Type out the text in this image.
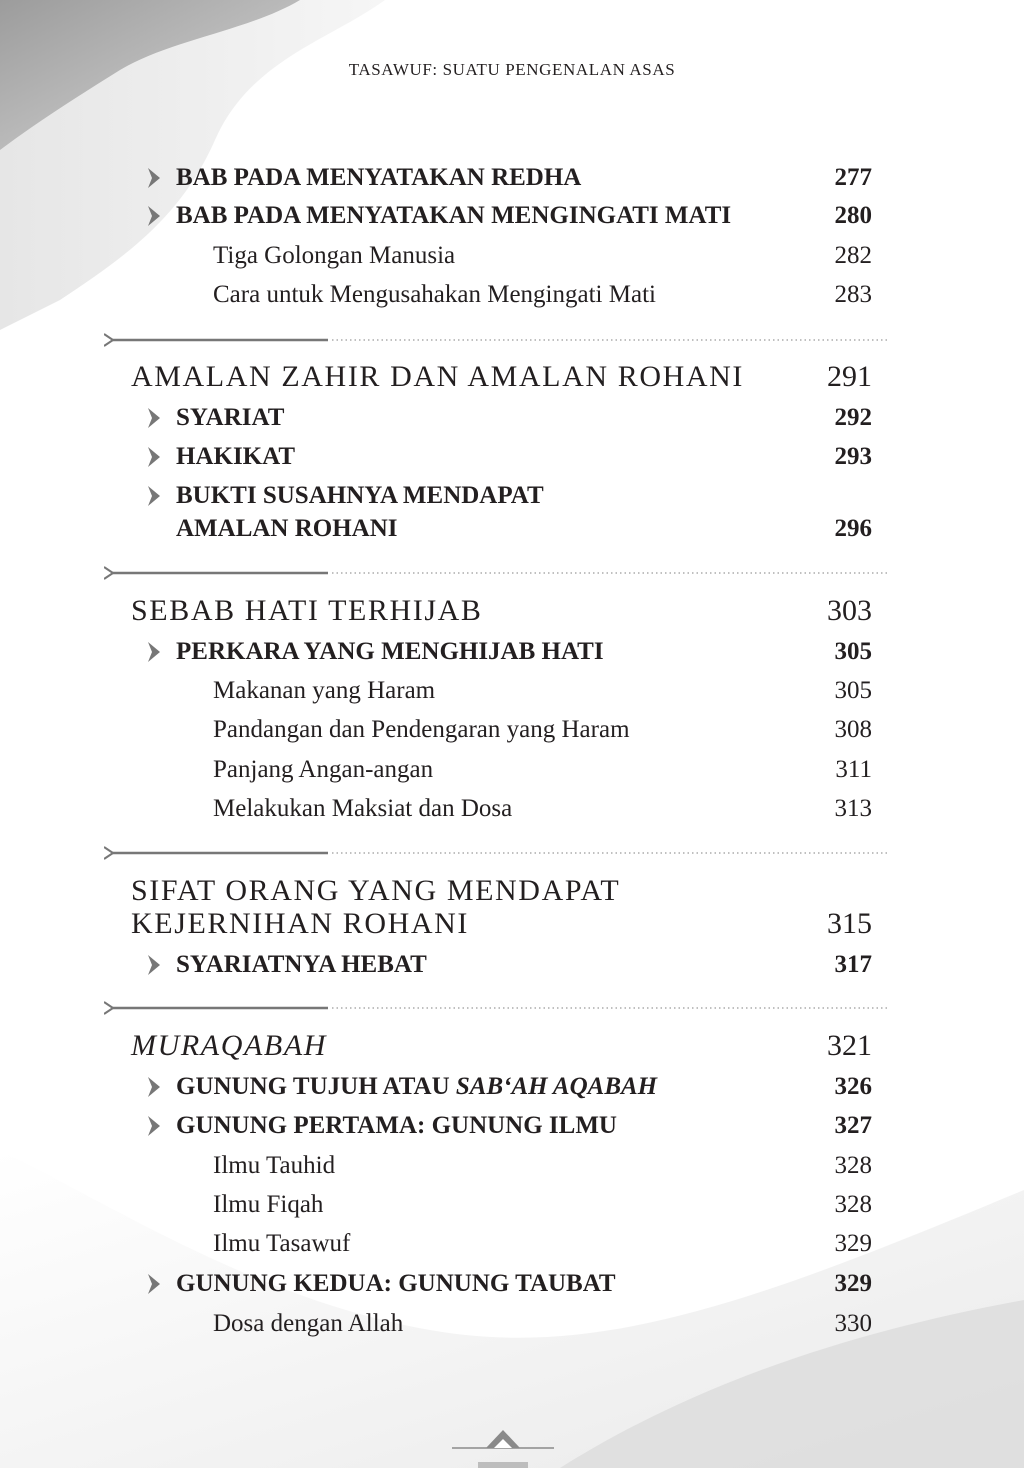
TASAWUF: SUATU PENGENALAN ASAS
BAB PADA MENYATAKAN REDHA	277
BAB PADA MENYATAKAN MENGINGATI MATI	280
Tiga Golongan Manusia	282
Cara untuk Mengusahakan Mengingati Mati	283
AMALAN ZAHIR DAN AMALAN ROHANI	291
SYARIAT	292
HAKIKAT	293
BUKTI SUSAHNYA MENDAPAT
AMALAN ROHANI	296
SEBAB HATI TERHIJAB	303
PERKARA YANG MENGHIJAB HATI	305
Makanan yang Haram	305
Pandangan dan Pendengaran yang Haram	308
Panjang Angan-angan	311
Melakukan Maksiat dan Dosa	313
SIFAT ORANG YANG MENDAPAT
KEJERNIHAN ROHANI	315
SYARIATNYA HEBAT	317
MURAQABAH	321
GUNUNG TUJUH ATAU SAB‘AH AQABAH	326
GUNUNG PERTAMA: GUNUNG ILMU	327
Ilmu Tauhid	328
Ilmu Fiqah	328
Ilmu Tasawuf	329
GUNUNG KEDUA: GUNUNG TAUBAT	329
Dosa dengan Allah	330
